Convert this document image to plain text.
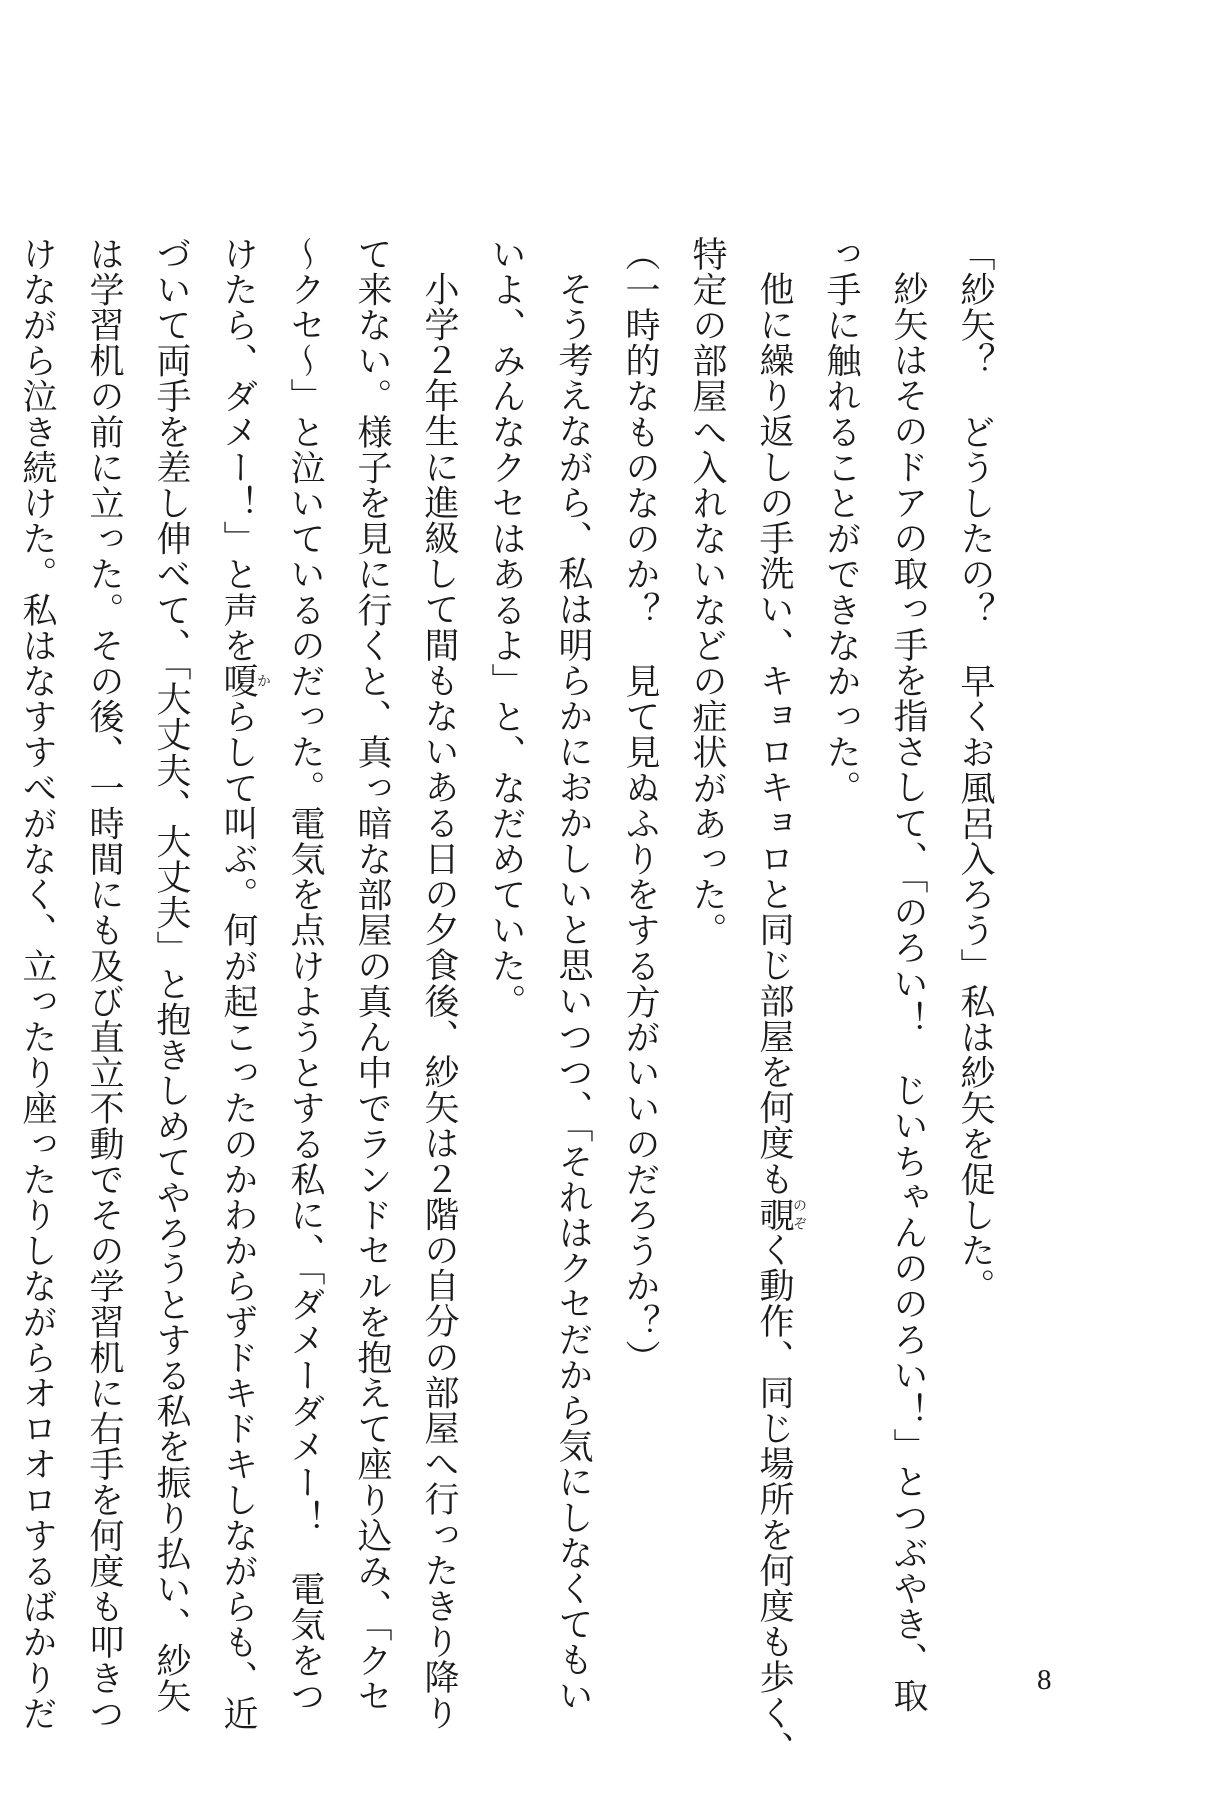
「紗矢？　どうしたの？　早くお風呂入ろう」私は紗矢を促した。
紗矢はそのドアの取っ手を指さして、「のろい！　じいちゃんののろい！」とつぶやき、取
っ手に触れることができなかった。
他に繰り返しの手洗い、キョロキョロと同じ部屋を何度も覗のぞく動作、同じ場所を何度も歩く、
特定の部屋へ入れないなどの症状があった。
（一時的なものなのか？　見て見ぬふりをする方がいいのだろうか？）
そう考えながら、私は明らかにおかしいと思いつつ、「それはクセだから気にしなくてもい
いよ、みんなクセはあるよ」と、なだめていた。
小学２年生に進級して間もないある日の夕食後、紗矢は２階の自分の部屋へ行ったきり降り
て来ない。様子を見に行くと、真っ暗な部屋の真ん中でランドセルを抱えて座り込み、「クセ
〜クセ〜」と泣いているのだった。電気を点けようとする私に、「ダメーダメー！　電気をつ
けたら、ダメー！」と声を嗄からして叫ぶ。何が起こったのかわからずドキドキしながらも、近
づいて両手を差し伸べて、「大丈夫、大丈夫」と抱きしめてやろうとする私を振り払い、紗矢
は学習机の前に立った。その後、一時間にも及び直立不動でその学習机に右手を何度も叩きつ
けながら泣き続けた。私はなすすべがなく、立ったり座ったりしながらオロオロするばかりだ	8
